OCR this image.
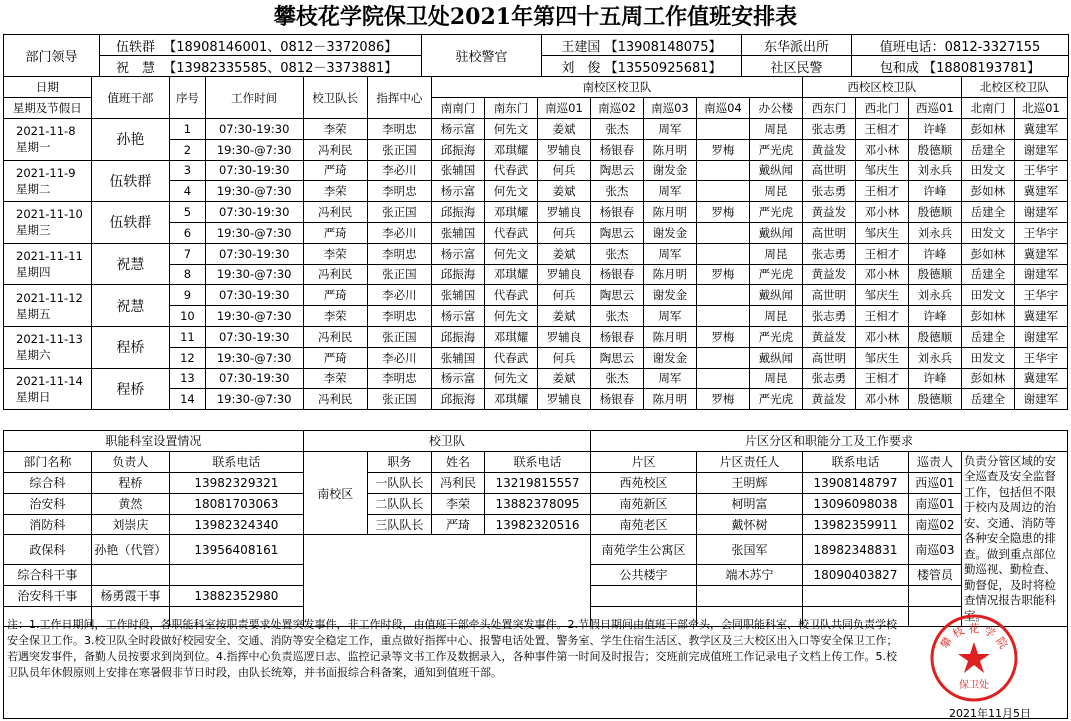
攀枝花学院保卫处2021年第四十五周工作值班安排表
部门领导	伍轶群 【18908146001、0812－3372086】	驻校警官	王建国 【13908148075】	东华派出所	值班电话：0812-3327155
	祝　慧 【13982335585、0812－3373881】		刘　俊 【13550925681】	社区民警	包和成 【18808193781】
日期	值班干部	序号	工作时间	校卫队长	指挥中心	南校区校卫队							西校区校卫队			北校区校卫队	
星期及节假日						南南门	南东门	南巡01	南巡02	南巡03	南巡04	办公楼	西东门	西北门	西巡01	北南门	北巡01

2021-11-8
星期一	孙艳	1	07:30-19:30	李荣	李明忠	杨示富	何先文	姜斌	张杰	周军		周昆	张志勇	王相才	许峰	彭如林	冀建军
		2	19:30-@7:30	冯利民	张正国	邱振海	邓琪耀	罗辅良	杨银春	陈月明	罗梅	严光虎	黄益发	邓小林	殷德顺	岳建全	谢建军

2021-11-9
星期二	伍轶群	3	07:30-19:30	严琦	李必川	张辅国	代春武	何兵	陶思云	谢发金		戴纵闻	高世明	邹庆生	刘永兵	田发文	王华宇
		4	19:30-@7:30	李荣	李明忠	杨示富	何先文	姜斌	张杰	周军		周昆	张志勇	王相才	许峰	彭如林	冀建军

2021-11-10
星期三	伍轶群	5	07:30-19:30	冯利民	张正国	邱振海	邓琪耀	罗辅良	杨银春	陈月明	罗梅	严光虎	黄益发	邓小林	殷德顺	岳建全	谢建军
		6	19:30-@7:30	严琦	李必川	张辅国	代春武	何兵	陶思云	谢发金		戴纵闻	高世明	邹庆生	刘永兵	田发文	王华宇

2021-11-11
星期四	祝慧	7	07:30-19:30	李荣	李明忠	杨示富	何先文	姜斌	张杰	周军		周昆	张志勇	王相才	许峰	彭如林	冀建军
		8	19:30-@7:30	冯利民	张正国	邱振海	邓琪耀	罗辅良	杨银春	陈月明	罗梅	严光虎	黄益发	邓小林	殷德顺	岳建全	谢建军

2021-11-12
星期五	祝慧	9	07:30-19:30	严琦	李必川	张辅国	代春武	何兵	陶思云	谢发金		戴纵闻	高世明	邹庆生	刘永兵	田发文	王华宇
		10	19:30-@7:30	李荣	李明忠	杨示富	何先文	姜斌	张杰	周军		周昆	张志勇	王相才	许峰	彭如林	冀建军

2021-11-13
星期六	程桥	11	07:30-19:30	冯利民	张正国	邱振海	邓琪耀	罗辅良	杨银春	陈月明	罗梅	严光虎	黄益发	邓小林	殷德顺	岳建全	谢建军
		12	19:30-@7:30	严琦	李必川	张辅国	代春武	何兵	陶思云	谢发金		戴纵闻	高世明	邹庆生	刘永兵	田发文	王华宇

2021-11-14
星期日	程桥	13	07:30-19:30	李荣	李明忠	杨示富	何先文	姜斌	张杰	周军		周昆	张志勇	王相才	许峰	彭如林	冀建军
		14	19:30-@7:30	冯利民	张正国	邱振海	邓琪耀	罗辅良	杨银春	陈月明	罗梅	严光虎	黄益发	邓小林	殷德顺	岳建全	谢建军
职能科室设置情况			校卫队				片区分区和职能分工及工作要求				
部门名称	负责人	联系电话	南校区	职务	姓名	联系电话	片区	片区责任人	联系电话	巡责人	负责分管区域的安全巡查及安全监督工作，包括但不限于校内及周边的治安、交通、消防等各种安全隐患的排查。做到重点部位勤巡视、勤检查、勤督促，及时将检查情况报告职能科室。
综合科	程桥	13982329321		一队队长	冯利民	13219815557	西苑校区	王明辉	13908148797	西巡01	
治安科	黄然	18081703063		二队队长	李荣	13882378095	南苑新区	柯明富	13096098038	南巡01	
消防科	刘崇庆	13982324340		三队队长	严琦	13982320516	南苑老区	戴怀树	13982359911	南巡02	
政保科	孙艳（代管）	13956408161					南苑学生公寓区	张国军	18982348831	南巡03	
综合科干事							公共楼宇	端木苏宁	18090403827	楼管员	
治安科干事	杨勇霞干事	13882352980									

注：1.工作日期间，工作时段，各职能科室按职责要求处置突发事件，非工作时段，由值班干部牵头处置突发事件。2.节假日期间由值班干部牵头，会同职能科室、校卫队共同负责学校安全保卫工作。3.校卫队全时段做好校园安全、交通、消防等安全稳定工作，重点做好指挥中心、报警电话处置、警务室、学生住宿生活区、教学区及三大校区出入口等安全保卫工作；若遇突发事件，备勤人员按要求到岗到位。4.指挥中心负责巡逻日志、监控记录等文书工作及数据录入，各种事件第一时间及时报告；交班前完成值班工作记录电子文档上传工作。5.校卫队员年休假原则上安排在寒暑假非节日时段，由队长统筹，并书面报综合科备案，通知到值班干部。
攀 枝 花 学 院
保卫处
2021年11月5日
